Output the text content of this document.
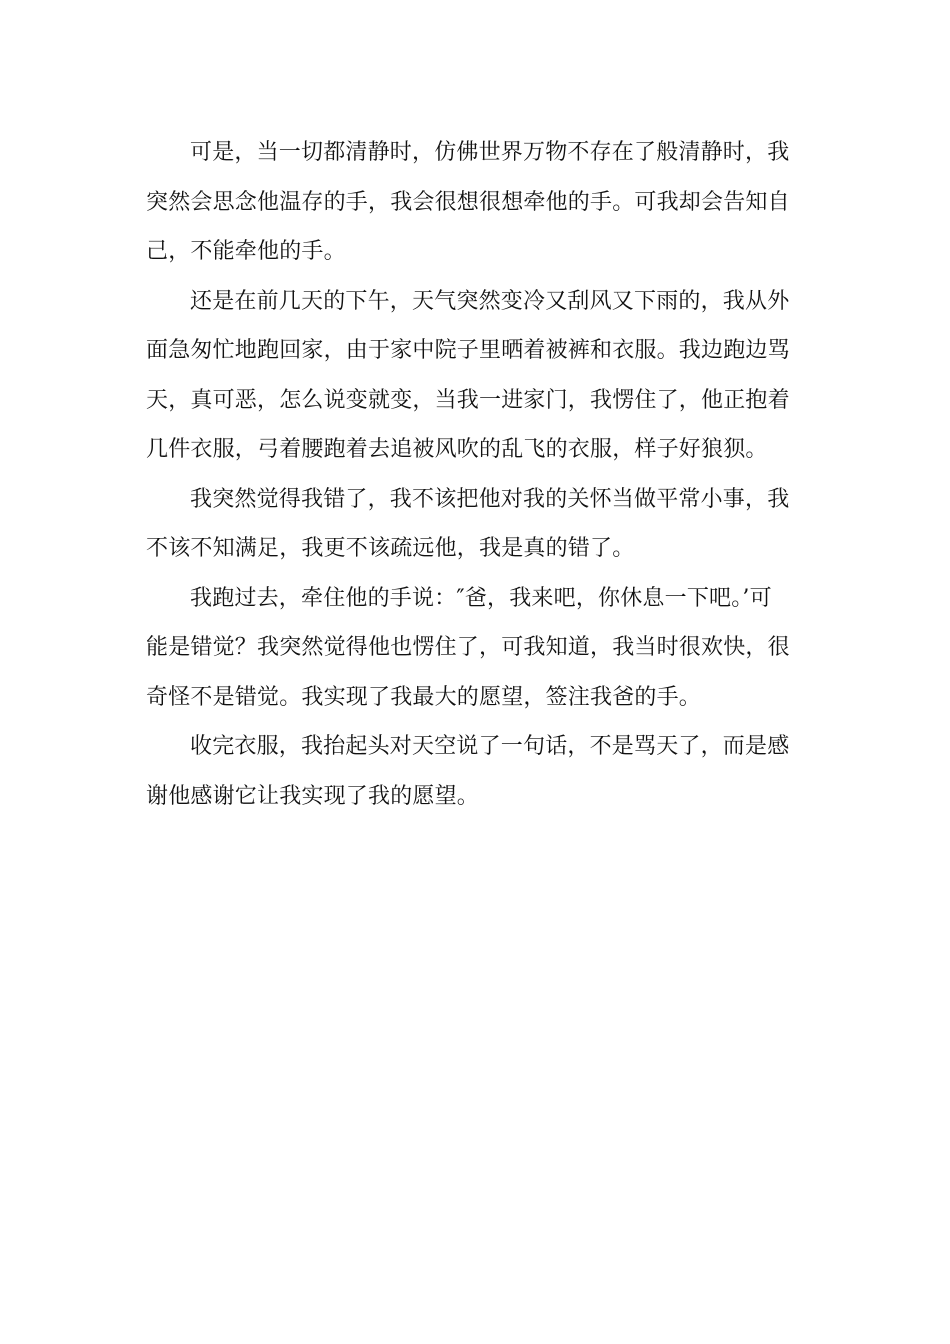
可是，当一切都清静时，仿佛世界万物不存在了般清静时，我
突然会思念他温存的手，我会很想很想牵他的手。可我却会告知自
己，不能牵他的手。
还是在前几天的下午，天气突然变冷又刮风又下雨的，我从外
面急匆忙地跑回家，由于家中院子里晒着被裤和衣服。我边跑边骂
天，真可恶，怎么说变就变，当我一进家门，我愣住了，他正抱着
几件衣服，弓着腰跑着去追被风吹的乱飞的衣服，样子好狼狈。
我突然觉得我错了，我不该把他对我的关怀当做平常小事，我
不该不知满足，我更不该疏远他，我是真的错了。
我跑过去，牵住他的手说：″爸，我来吧，你休息一下吧。’可
能是错觉？我突然觉得他也愣住了，可我知道，我当时很欢快，很
奇怪不是错觉。我实现了我最大的愿望，签注我爸的手。
收完衣服，我抬起头对天空说了一句话，不是骂天了，而是感
谢他感谢它让我实现了我的愿望。
